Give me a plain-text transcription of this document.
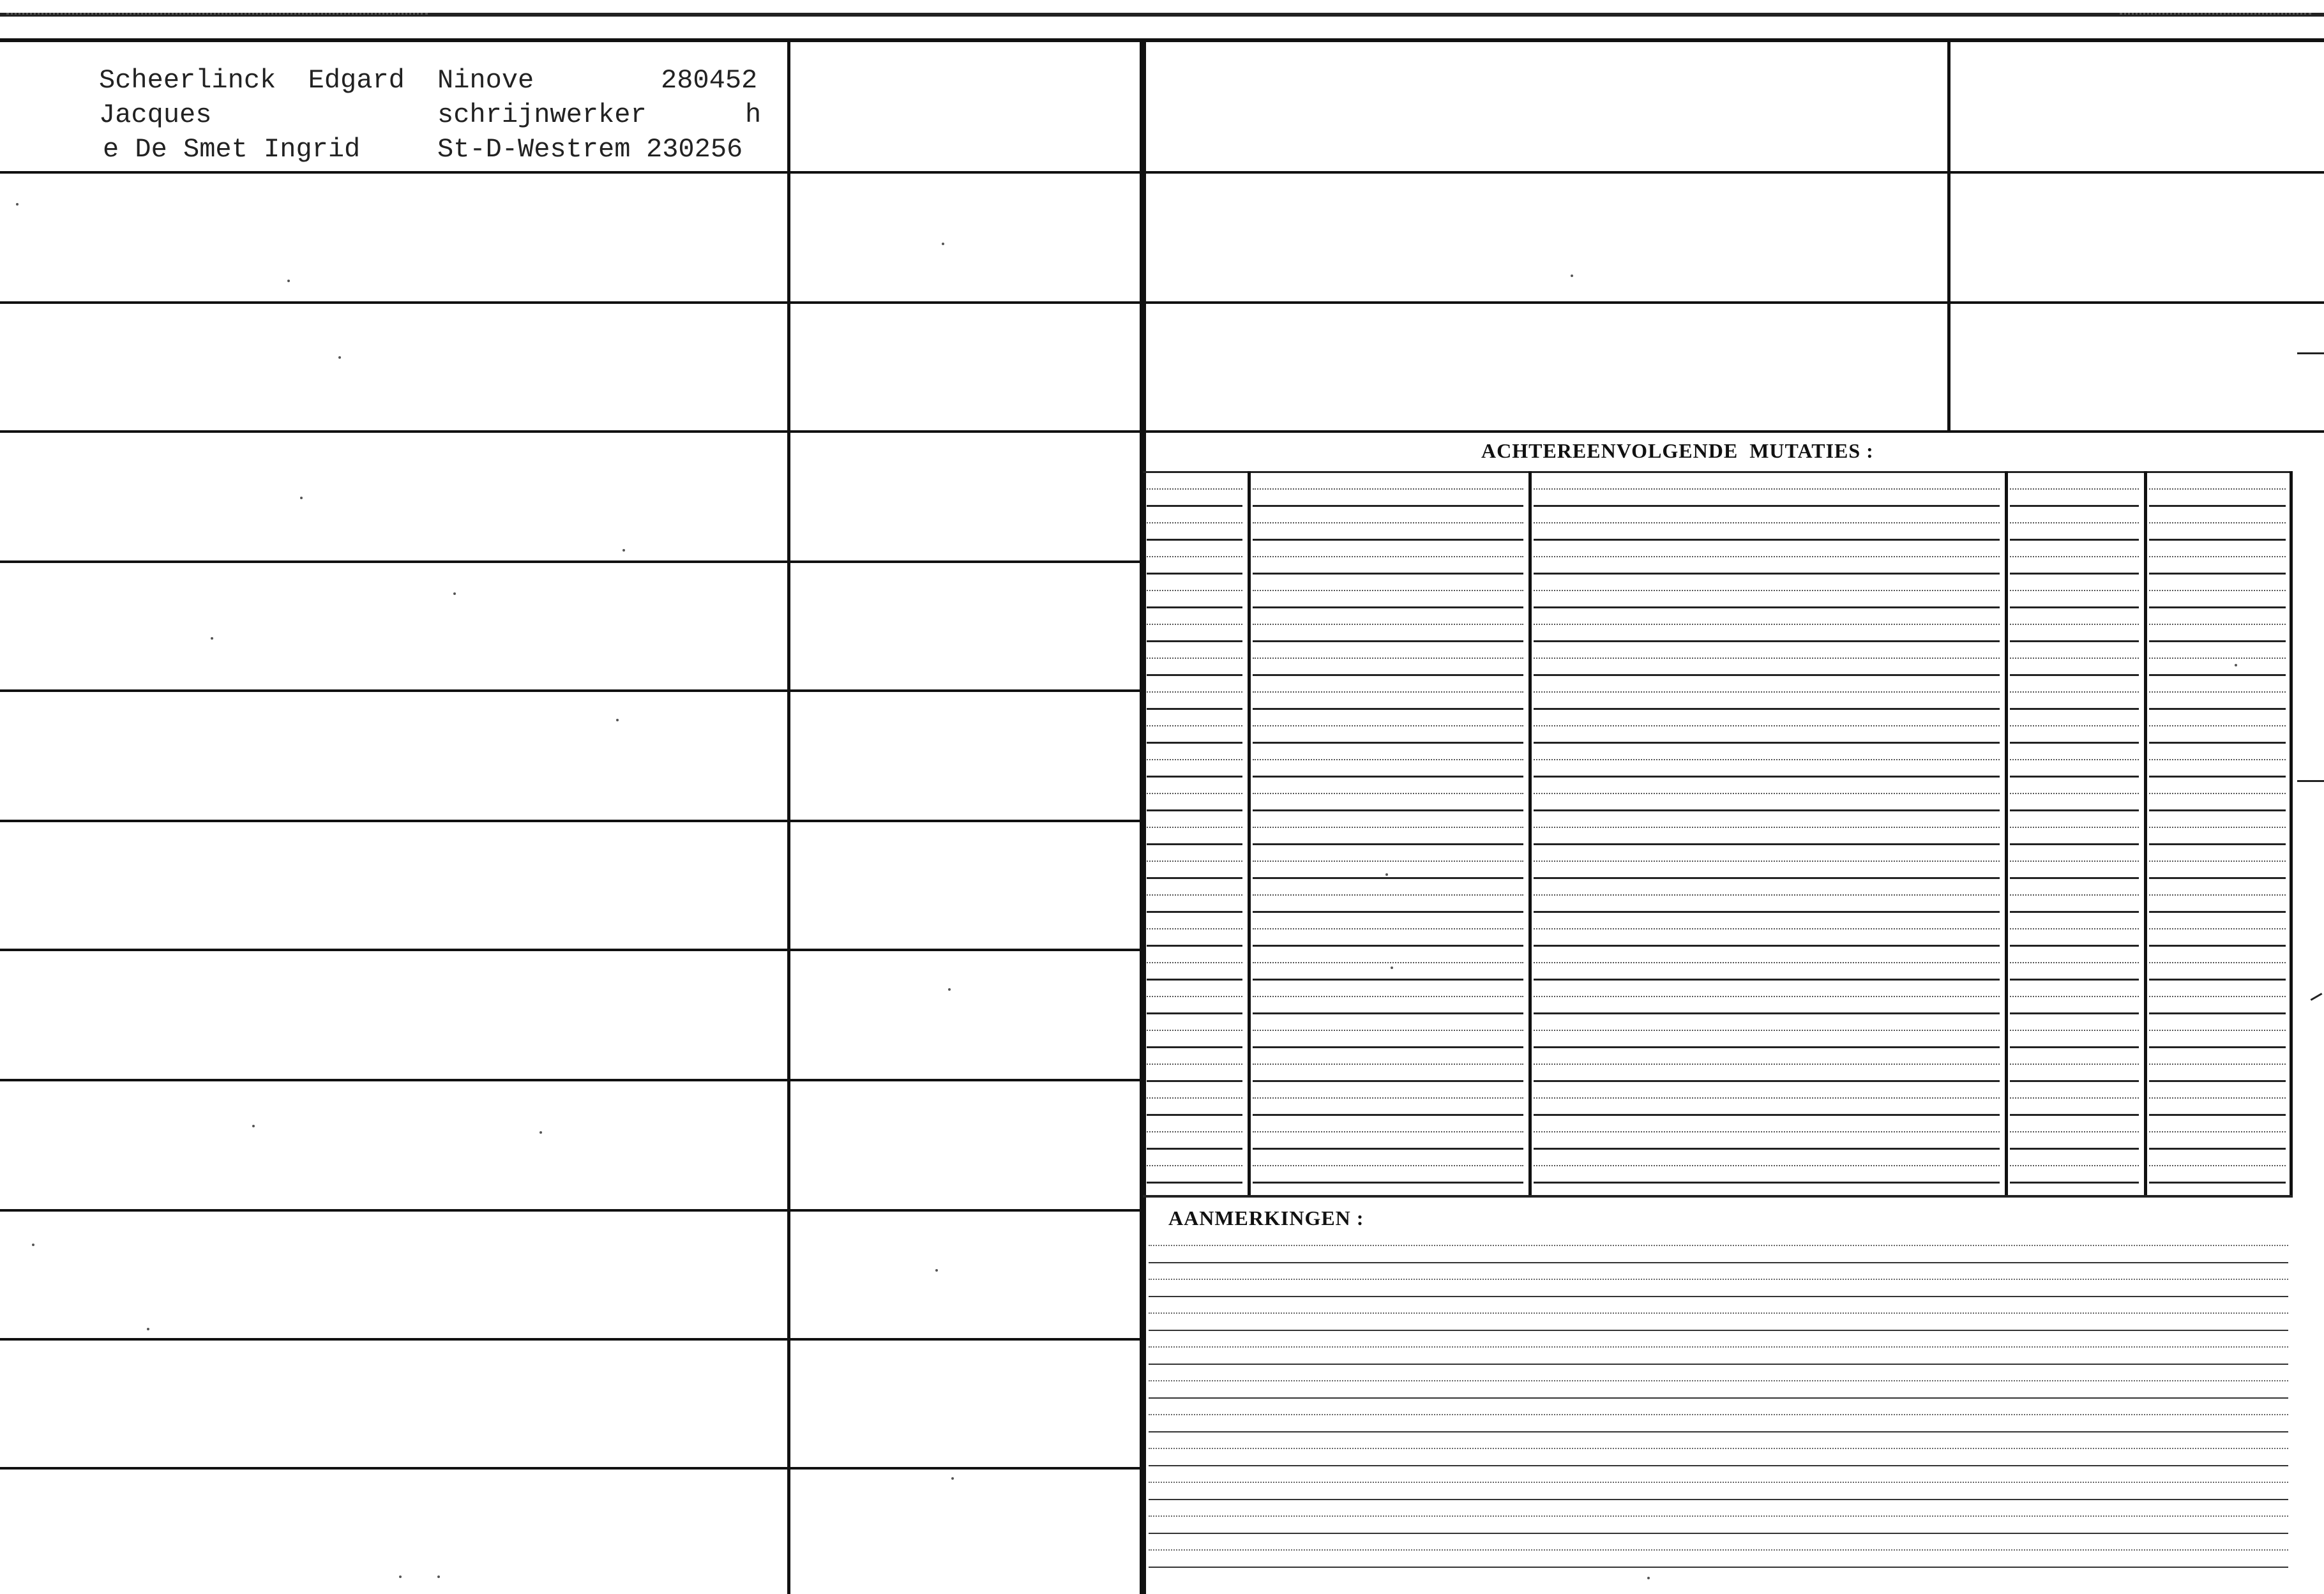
Scheerlinck  Edgard Ninove	280452
Jacques	schrijnwerker	h
e De Smet Ingrid	St-D-Westrem 230256
ACHTEREENVOLGENDE  MUTATIES :
AANMERKINGEN :
